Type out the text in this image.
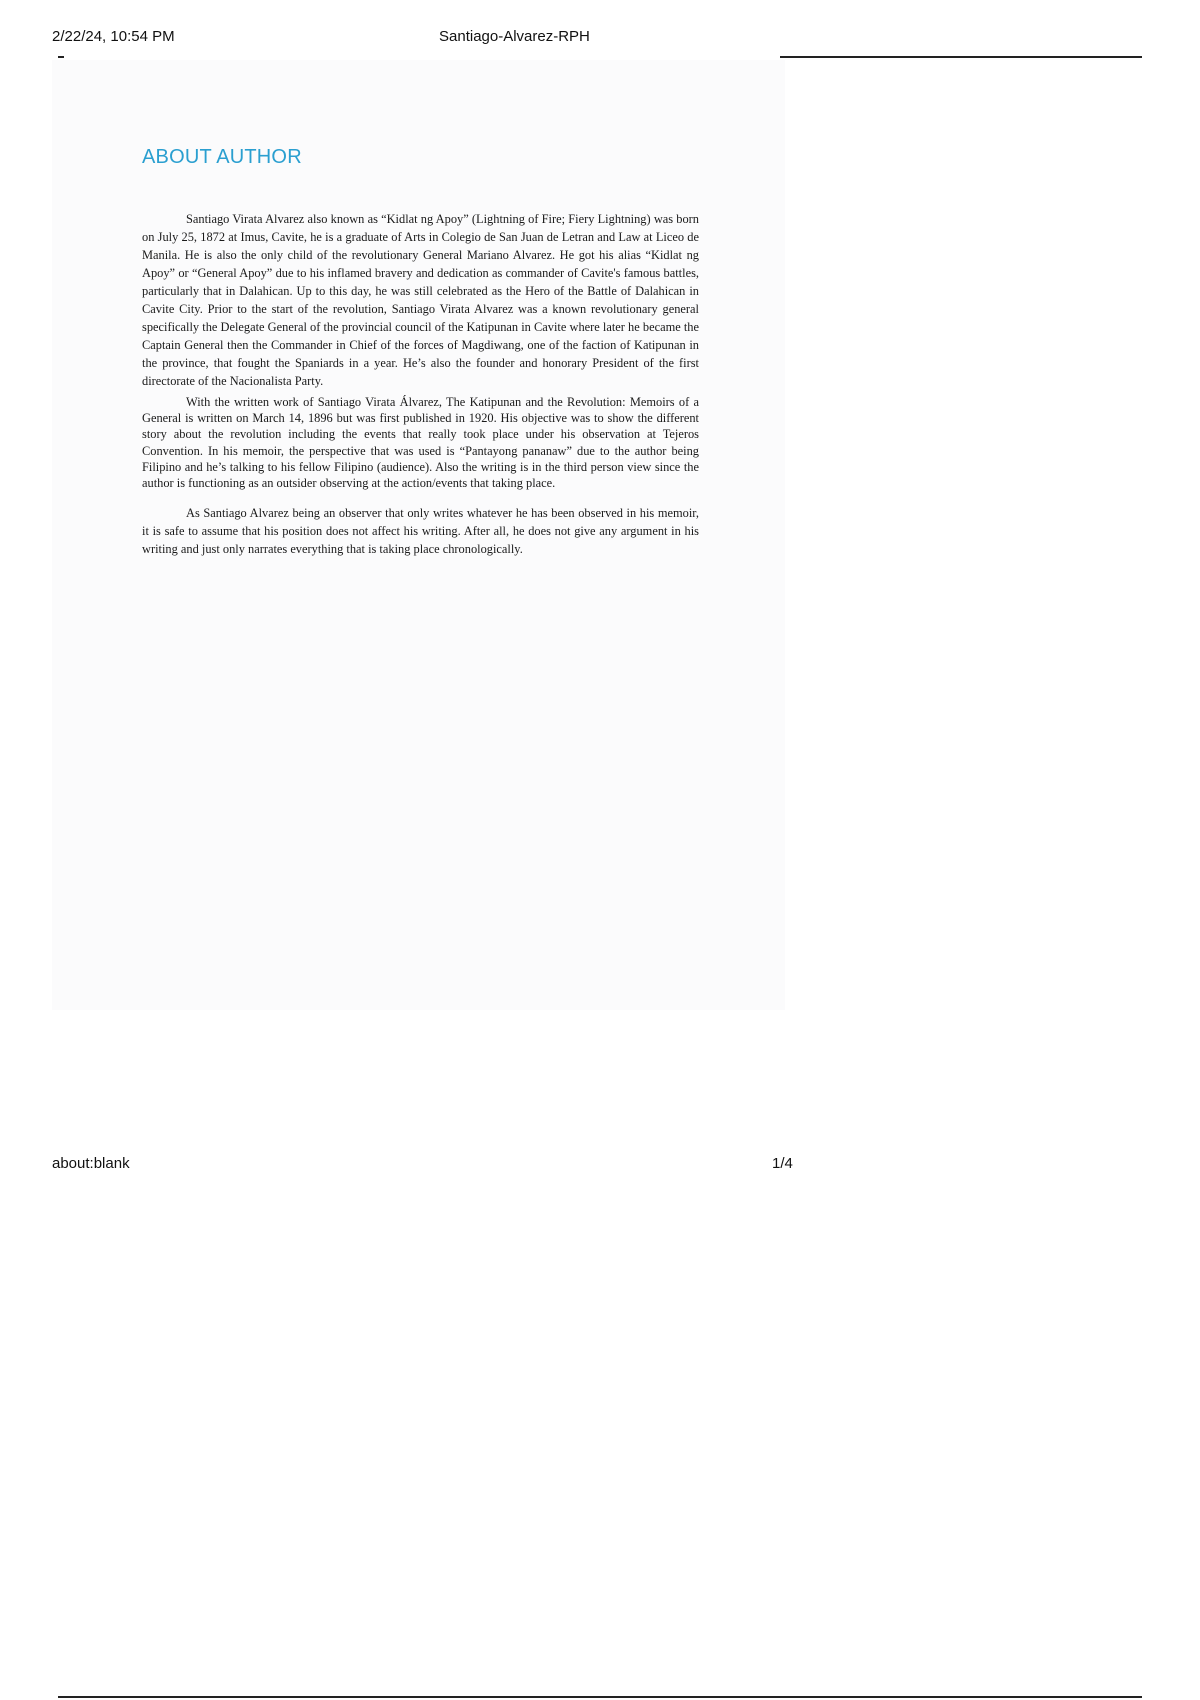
2/22/24, 10:54 PM	Santiago-Alvarez-RPH
ABOUT AUTHOR

Santiago Virata Alvarez also known as “Kidlat ng Apoy” (Lightning of Fire; Fiery Lightning) was born on July 25, 1872 at Imus, Cavite, he is a graduate of Arts in Colegio de San Juan de Letran and Law at Liceo de Manila. He is also the only child of the revolutionary General Mariano Alvarez. He got his alias “Kidlat ng Apoy” or “General Apoy” due to his inflamed bravery and dedication as commander of Cavite's famous battles, particularly that in Dalahican. Up to this day, he was still celebrated as the Hero of the Battle of Dalahican in Cavite City. Prior to the start of the revolution, Santiago Virata Alvarez was a known revolutionary general specifically the Delegate General of the provincial council of the Katipunan in Cavite where later he became the Captain General then the Commander in Chief of the forces of Magdiwang, one of the faction of Katipunan in the province, that fought the Spaniards in a year. He’s also the founder and honorary President of the first directorate of the Nacionalista Party.

With the written work of Santiago Virata Álvarez, The Katipunan and the Revolution: Memoirs of a General is written on March 14, 1896 but was first published in 1920. His objective was to show the different story about the revolution including the events that really took place under his observation at Tejeros Convention. In his memoir, the perspective that was used is “Pantayong pananaw” due to the author being Filipino and he’s talking to his fellow Filipino (audience). Also the writing is in the third person view since the author is functioning as an outsider observing at the action/events that taking place.

As Santiago Alvarez being an observer that only writes whatever he has been observed in his memoir, it is safe to assume that his position does not affect his writing. After all, he does not give any argument in his writing and just only narrates everything that is taking place chronologically.

about:blank	1/4
